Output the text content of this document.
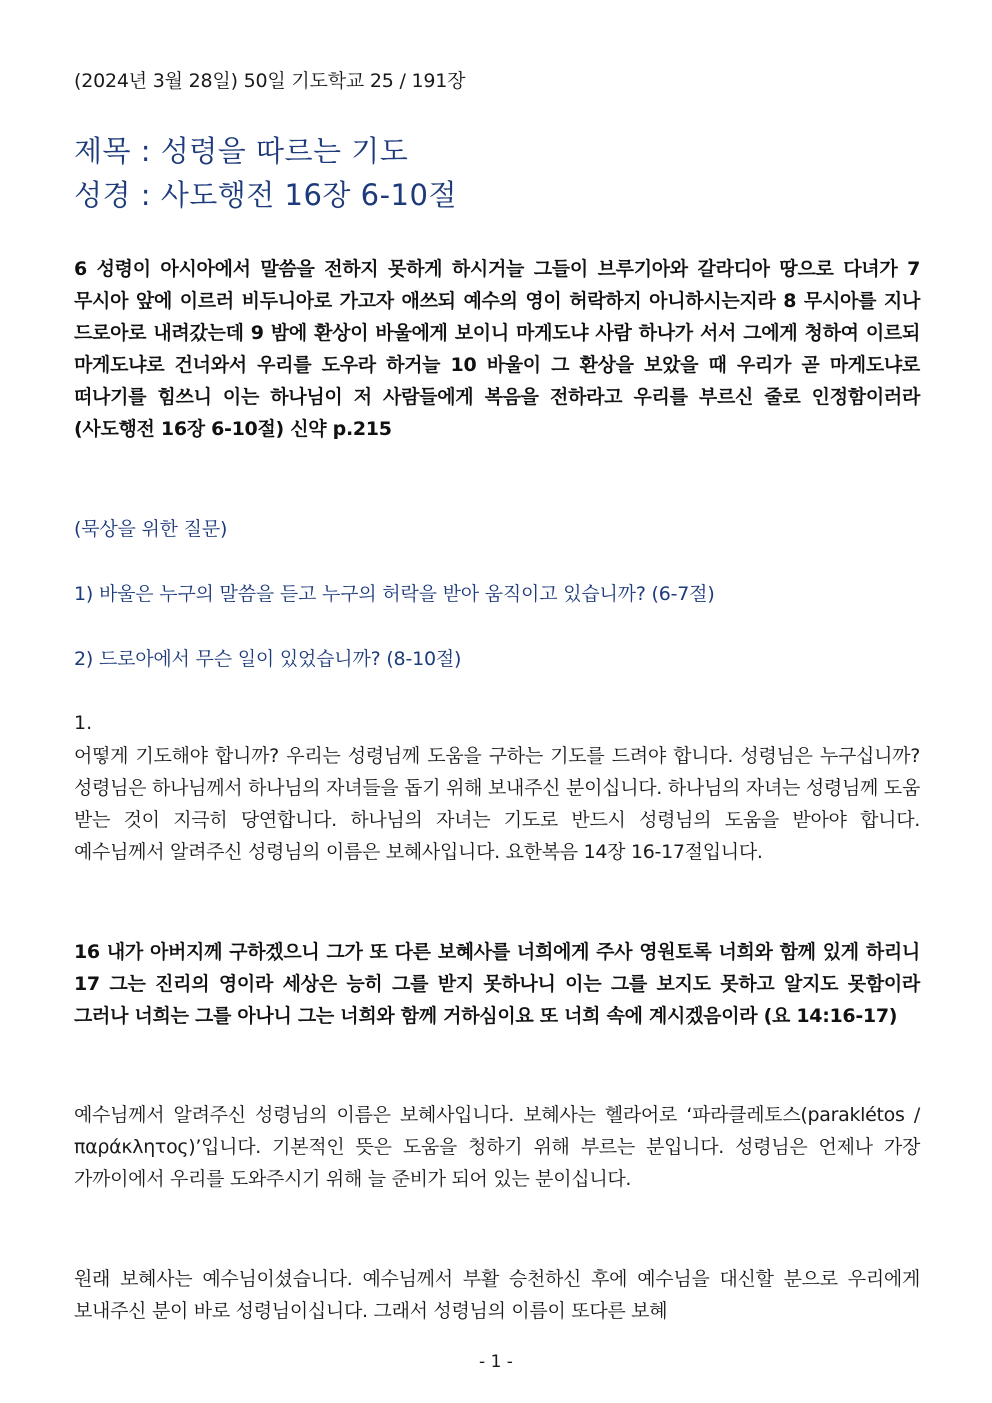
(2024년 3월 28일) 50일 기도학교 25 / 191장

제목 : 성령을 따르는 기도
성경 : 사도행전 16장 6-10절

6 성령이 아시아에서 말씀을 전하지 못하게 하시거늘 그들이 브루기아와 갈라디아 땅으로 다녀가 7 무시아 앞에 이르러 비두니아로 가고자 애쓰되 예수의 영이 허락하지 아니하시는지라 8 무시아를 지나 드로아로 내려갔는데 9 밤에 환상이 바울에게 보이니 마게도냐 사람 하나가 서서 그에게 청하여 이르되 마게도냐로 건너와서 우리를 도우라 하거늘 10 바울이 그 환상을 보았을 때 우리가 곧 마게도냐로 떠나기를 힘쓰니 이는 하나님이 저 사람들에게 복음을 전하라고 우리를 부르신 줄로 인정함이러라 (사도행전 16장 6-10절) 신약 p.215

(묵상을 위한 질문)

1) 바울은 누구의 말씀을 듣고 누구의 허락을 받아 움직이고 있습니까? (6-7절)

2) 드로아에서 무슨 일이 있었습니까? (8-10절)

1.

어떻게 기도해야 합니까? 우리는 성령님께 도움을 구하는 기도를 드려야 합니다. 성령님은 누구십니까? 성령님은 하나님께서 하나님의 자녀들을 돕기 위해 보내주신 분이십니다. 하나님의 자녀는 성령님께 도움 받는 것이 지극히 당연합니다. 하나님의 자녀는 기도로 반드시 성령님의 도움을 받아야 합니다. 예수님께서 알려주신 성령님의 이름은 보혜사입니다. 요한복음 14장 16-17절입니다.

16 내가 아버지께 구하겠으니 그가 또 다른 보혜사를 너희에게 주사 영원토록 너희와 함께 있게 하리니 17 그는 진리의 영이라 세상은 능히 그를 받지 못하나니 이는 그를 보지도 못하고 알지도 못함이라 그러나 너희는 그를 아나니 그는 너희와 함께 거하심이요 또 너희 속에 계시겠음이라 (요 14:16-17)

예수님께서 알려주신 성령님의 이름은 보혜사입니다. 보혜사는 헬라어로 ‘파라클레토스(paraklétos / παράκλητος)’입니다. 기본적인 뜻은 도움을 청하기 위해 부르는 분입니다. 성령님은 언제나 가장 가까이에서 우리를 도와주시기 위해 늘 준비가 되어 있는 분이십니다.

원래 보혜사는 예수님이셨습니다. 예수님께서 부활 승천하신 후에 예수님을 대신할 분으로 우리에게 보내주신 분이 바로 성령님이십니다. 그래서 성령님의 이름이 또다른 보혜

- 1 -
